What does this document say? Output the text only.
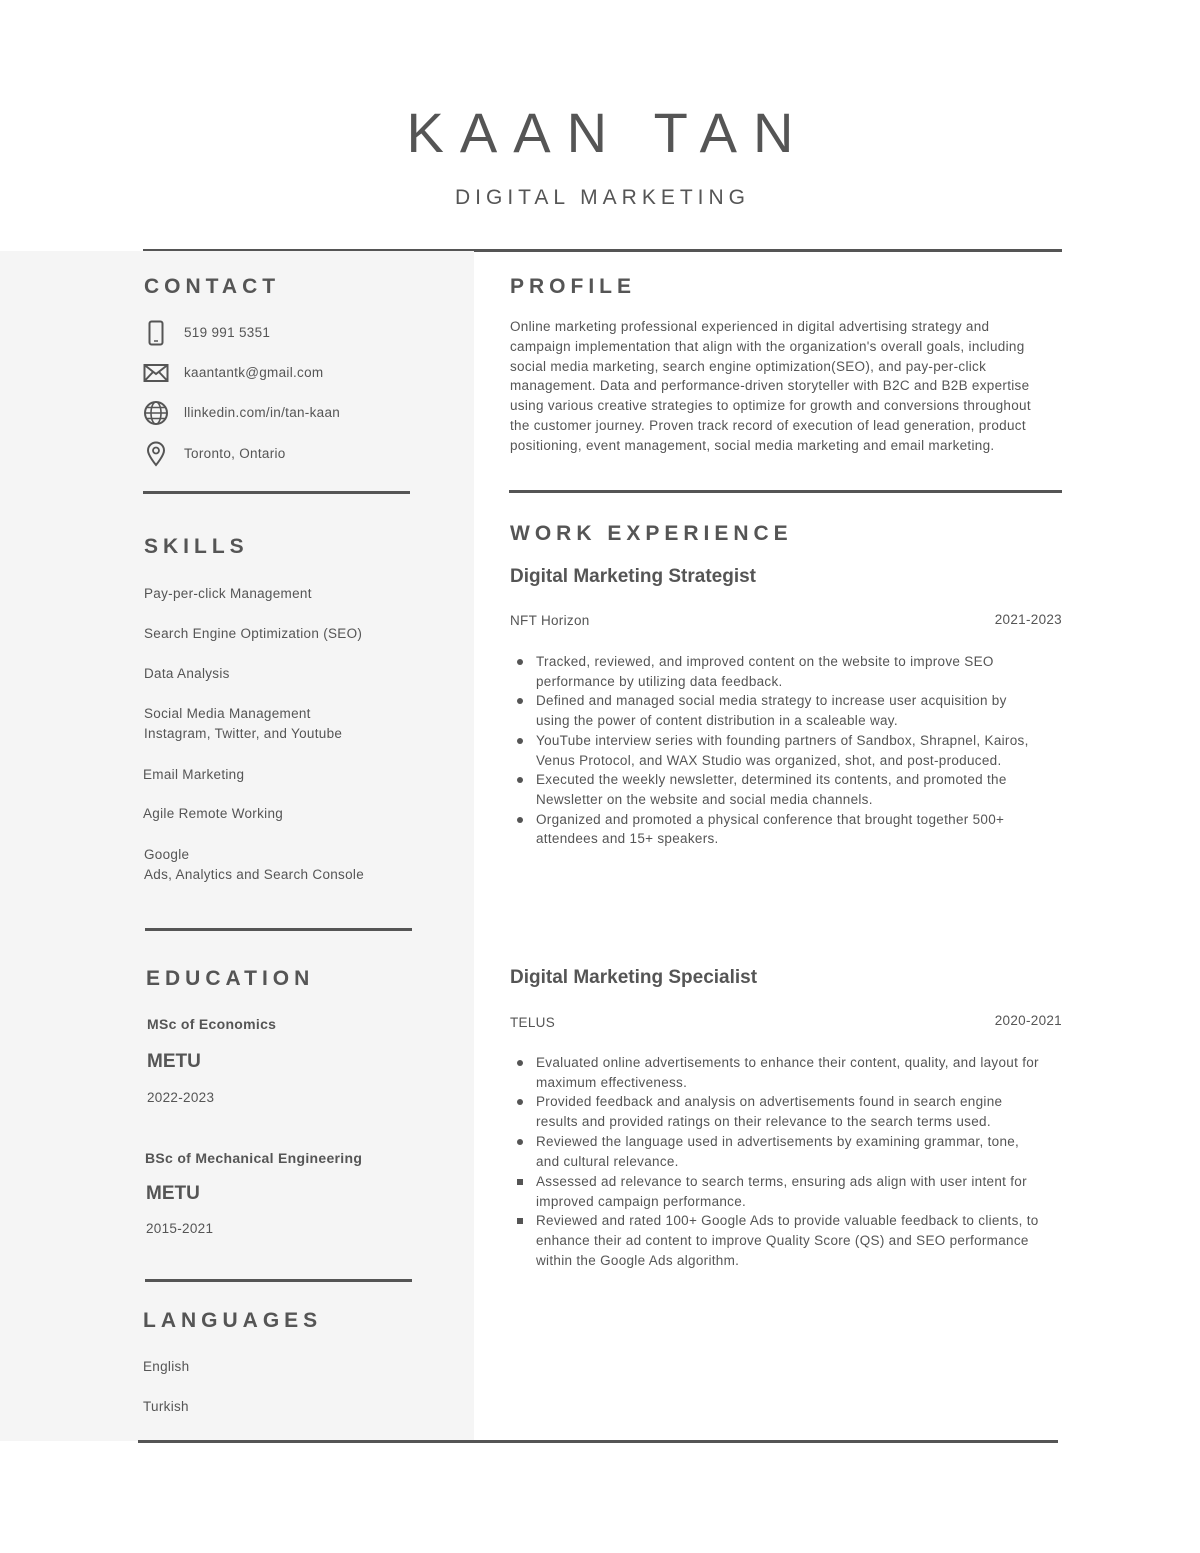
KAAN TAN
DIGITAL MARKETING
CONTACT
519 991 5351
kaantantk@gmail.com
llinkedin.com/in/tan-kaan
Toronto, Ontario
SKILLS
Pay-per-click Management
Search Engine Optimization (SEO)
Data Analysis
Social Media Management
Instagram, Twitter, and Youtube
Email Marketing
Agile Remote Working
Google
Ads, Analytics and Search Console
EDUCATION
MSc of Economics
METU
2022-2023
BSc of Mechanical Engineering
METU
2015-2021
LANGUAGES
English
Turkish
PROFILE
Online marketing professional experienced in digital advertising strategy and
campaign implementation that align with the organization's overall goals, including
social media marketing, search engine optimization(SEO), and pay-per-click
management. Data and performance-driven storyteller with B2C and B2B expertise
using various creative strategies to optimize for growth and conversions throughout
the customer journey. Proven track record of execution of lead generation, product
positioning, event management, social media marketing and email marketing.
WORK EXPERIENCE
Digital Marketing Strategist
NFT Horizon	2021-2023
Tracked, reviewed, and improved content on the website to improve SEO
performance by utilizing data feedback.
Defined and managed social media strategy to increase user acquisition by
using the power of content distribution in a scaleable way.
YouTube interview series with founding partners of Sandbox, Shrapnel, Kairos,
Venus Protocol, and WAX Studio was organized, shot, and post-produced.
Executed the weekly newsletter, determined its contents, and promoted the
Newsletter on the website and social media channels.
Organized and promoted a physical conference that brought together 500+
attendees and 15+ speakers.
Digital Marketing Specialist
TELUS	2020-2021
Evaluated online advertisements to enhance their content, quality, and layout for
maximum effectiveness.
Provided feedback and analysis on advertisements found in search engine
results and provided ratings on their relevance to the search terms used.
Reviewed the language used in advertisements by examining grammar, tone,
and cultural relevance.
Assessed ad relevance to search terms, ensuring ads align with user intent for
improved campaign performance.
Reviewed and rated 100+ Google Ads to provide valuable feedback to clients, to
enhance their ad content to improve Quality Score (QS) and SEO performance
within the Google Ads algorithm.
